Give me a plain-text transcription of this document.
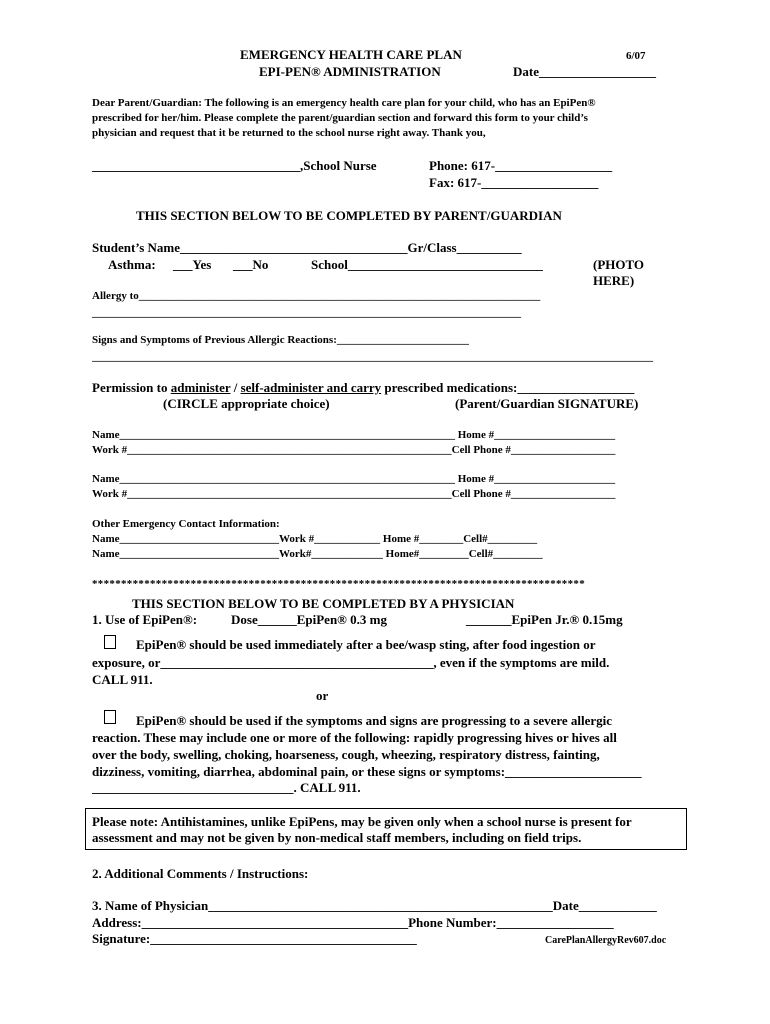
EMERGENCY HEALTH CARE PLAN	6/07
EPI-PEN® ADMINISTRATION	Date__________________
Dear Parent/Guardian: The following is an emergency health care plan for your child, who has an EpiPen®
prescribed for her/him. Please complete the parent/guardian section and forward this form to your child’s
physician and request that it be returned to the school nurse right away. Thank you,
________________________________,School Nurse	Phone: 617-__________________
Fax: 617-__________________
THIS SECTION BELOW TO BE COMPLETED BY PARENT/GUARDIAN
Student’s Name___________________________________Gr/Class__________
Asthma: ___Yes ___No	School______________________________	(PHOTO
HERE)
Allergy to_________________________________________________________________________
______________________________________________________________________________
Signs and Symptoms of Previous Allergic Reactions:________________________
______________________________________________________________________________________________________
Permission to administer / self-administer and carry prescribed medications:__________________
(CIRCLE appropriate choice)	(Parent/Guardian SIGNATURE)
Name_____________________________________________________________ Home #______________________
Work #___________________________________________________________Cell Phone #___________________
Name_____________________________________________________________ Home #______________________
Work #___________________________________________________________Cell Phone #___________________
Other Emergency Contact Information:
Name_____________________________Work #____________ Home #________Cell#_________
Name_____________________________Work#_____________ Home#_________Cell#_________
*************************************************************************************
THIS SECTION BELOW TO BE COMPLETED BY A PHYSICIAN
1. Use of EpiPen®:	Dose______EpiPen® 0.3 mg	_______EpiPen Jr.® 0.15mg
EpiPen® should be used immediately after a bee/wasp sting, after food ingestion or
exposure, or__________________________________________, even if the symptoms are mild.
CALL 911.
or
EpiPen® should be used if the symptoms and signs are progressing to a severe allergic
reaction. These may include one or more of the following: rapidly progressing hives or hives all
over the body, swelling, choking, hoarseness, cough, wheezing, respiratory distress, fainting,
dizziness, vomiting, diarrhea, abdominal pain, or these signs or symptoms:_____________________
_______________________________. CALL 911.
Please note: Antihistamines, unlike EpiPens, may be given only when a school nurse is present for
assessment and may not be given by non-medical staff members, including on field trips.
2. Additional Comments / Instructions:
3. Name of Physician_____________________________________________________Date____________
Address:_________________________________________Phone Number:__________________
Signature:_________________________________________	CarePlanAllergyRev607.doc
